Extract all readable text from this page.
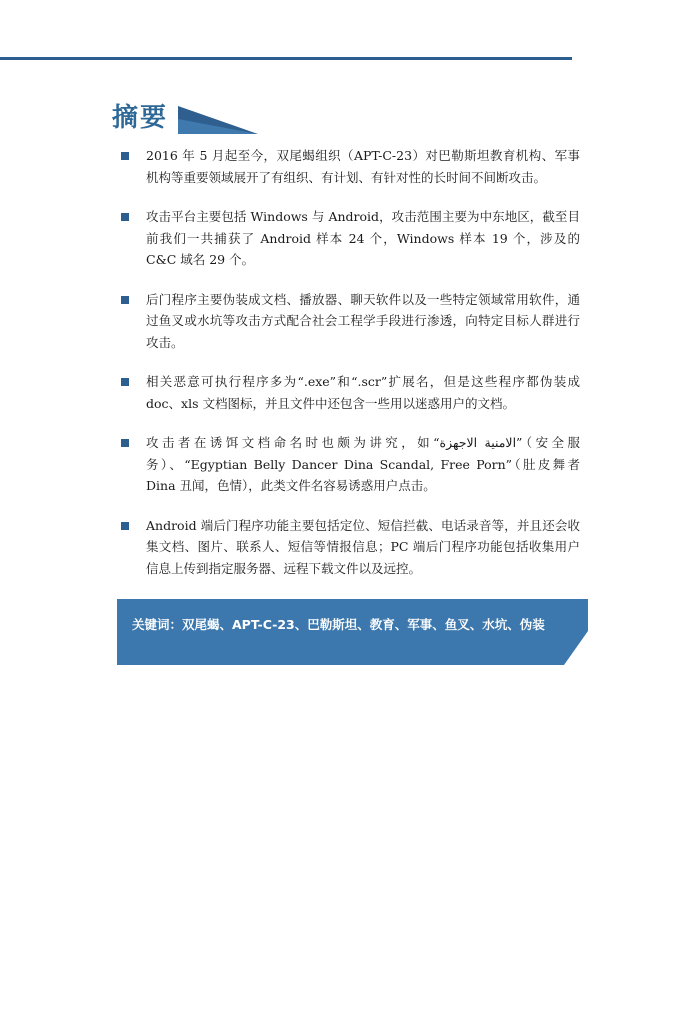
摘要
2016 年 5 月起至今，双尾蝎组织（APT-C-23）对巴勒斯坦教育机构、军事机构等重要领域展开了有组织、有计划、有针对性的长时间不间断攻击。
攻击平台主要包括 Windows 与 Android，攻击范围主要为中东地区，截至目前我们一共捕获了 Android 样本 24 个，Windows 样本 19 个，涉及的 C&C 域名 29 个。
后门程序主要伪装成文档、播放器、聊天软件以及一些特定领域常用软件，通过鱼叉或水坑等攻击方式配合社会工程学手段进行渗透，向特定目标人群进行攻击。
相关恶意可执行程序多为“.exe”和“.scr”扩展名，但是这些程序都伪装成 doc、xls 文档图标，并且文件中还包含一些用以迷惑用户的文档。
攻击者在诱饵文档命名时也颇为讲究，如“الامنية الاجهزة”（安全服务）、“Egyptian Belly Dancer Dina Scandal, Free Porn”（肚皮舞者 Dina 丑闻，色情），此类文件名容易诱惑用户点击。
Android 端后门程序功能主要包括定位、短信拦截、电话录音等，并且还会收集文档、图片、联系人、短信等情报信息；PC 端后门程序功能包括收集用户信息上传到指定服务器、远程下载文件以及远控。
关键词：双尾蝎、APT-C-23、巴勒斯坦、教育、军事、鱼叉、水坑、伪装
